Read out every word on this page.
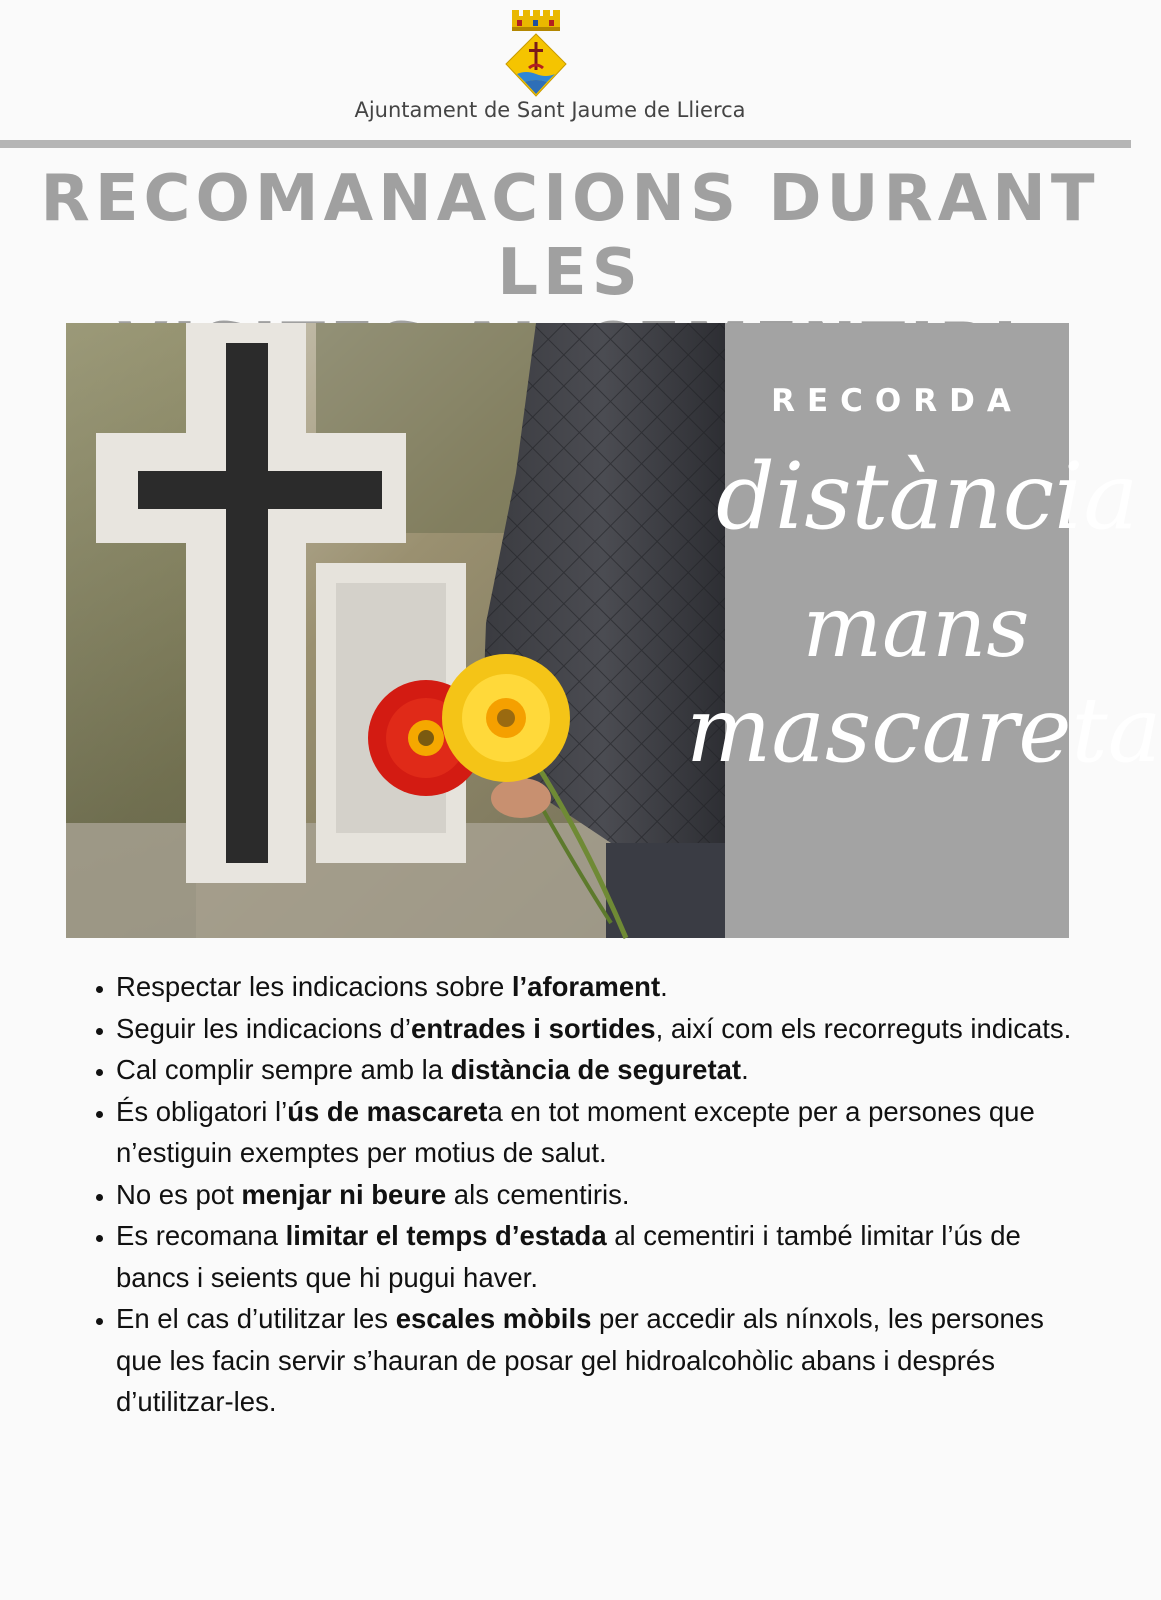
Ajuntament de Sant Jaume de Llierca
RECOMANACIONS DURANT LES
RECORDA
distància
mans
mascareta
• Respectar les indicacions sobre l’aforament.
• Seguir les indicacions d’entrades i sortides, així com els recorreguts indicats.
• Cal complir sempre amb la distància de seguretat.
• És obligatori l’ús de mascareta en tot moment excepte per a persones que n’estiguin exemptes per motius de salut.
• No es pot menjar ni beure als cementiris.
• Es recomana limitar el temps d’estada al cementiri i també limitar l’ús de bancs i seients que hi pugui haver.
• En el cas d’utilitzar les escales mòbils per accedir als nínxols, les persones que les facin servir s’hauran de posar gel hidroalcohòlic abans i després d’utilitzar-les.
